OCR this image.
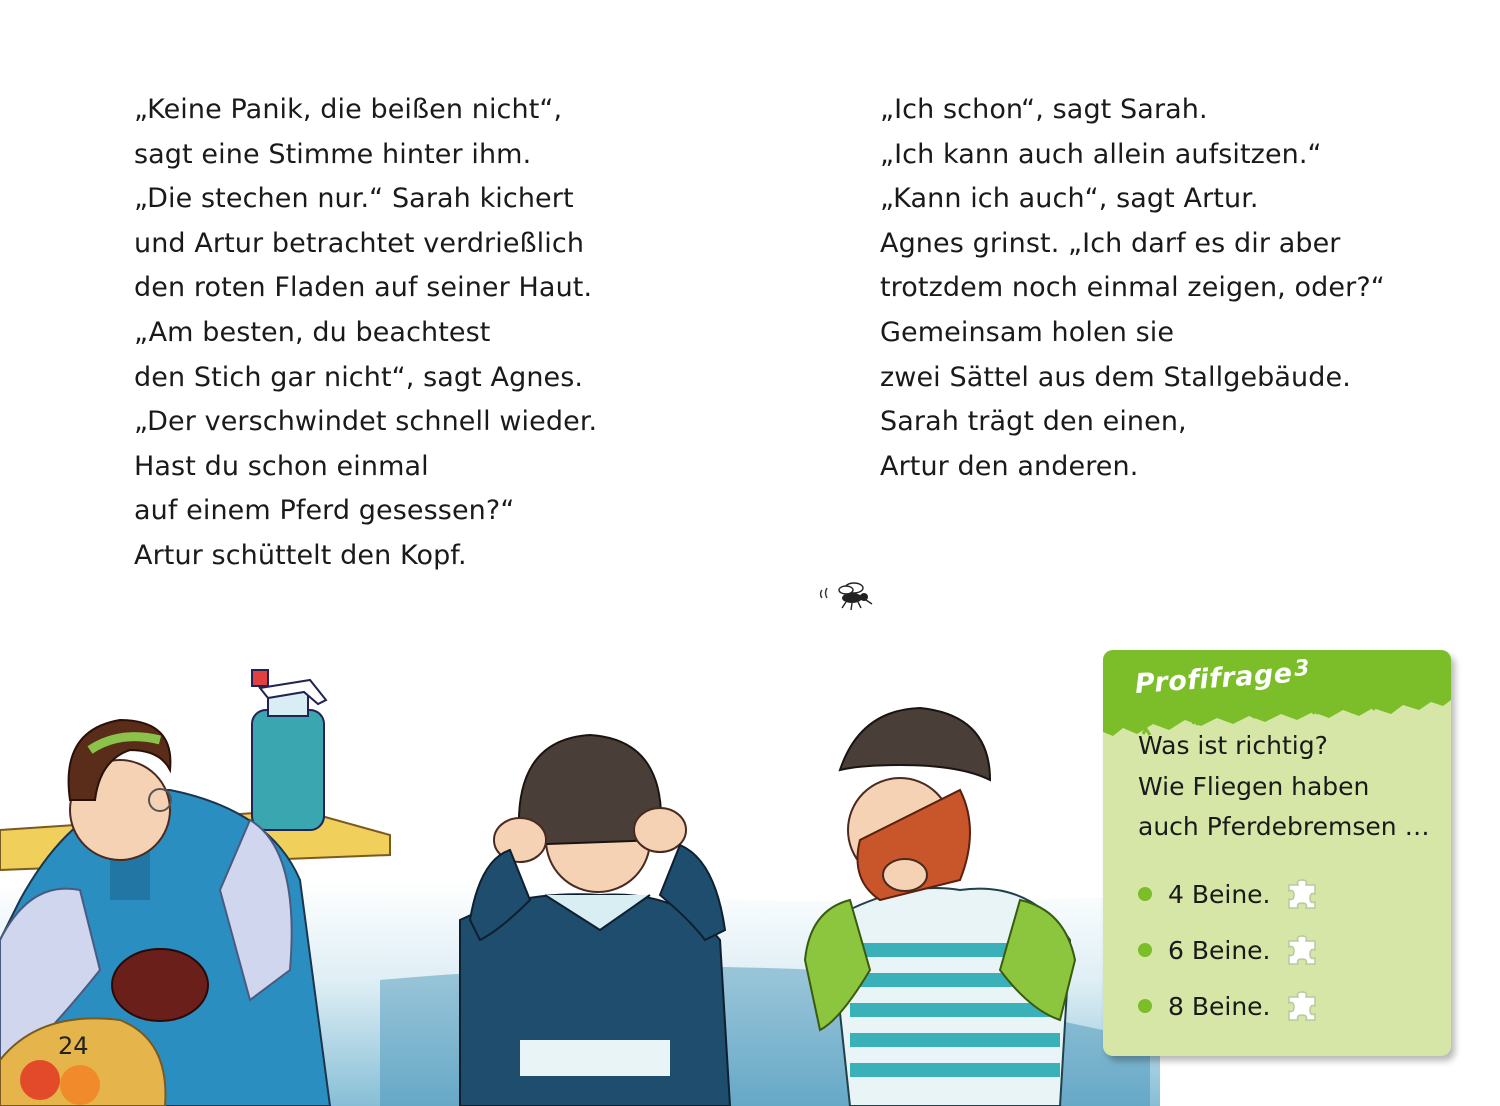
„Keine Panik, die beißen nicht“,
sagt eine Stimme hinter ihm.
„Die stechen nur.“ Sarah kichert
und Artur betrachtet verdrießlich
den roten Fladen auf seiner Haut.
„Am besten, du beachtest
den Stich gar nicht“, sagt Agnes.
„Der verschwindet schnell wieder.
Hast du schon einmal
auf einem Pferd gesessen?“
Artur schüttelt den Kopf.
„Ich schon“, sagt Sarah.
„Ich kann auch allein aufsitzen.“
„Kann ich auch“, sagt Artur.
Agnes grinst. „Ich darf es dir aber
trotzdem noch einmal zeigen, oder?“
Gemeinsam holen sie
zwei Sättel aus dem Stallgebäude.
Sarah trägt den einen,
Artur den anderen.
24
Profifrage$^3$
Was ist richtig?
Wie Fliegen haben
auch Pferdebremsen …
4 Beine.
6 Beine.
8 Beine.
